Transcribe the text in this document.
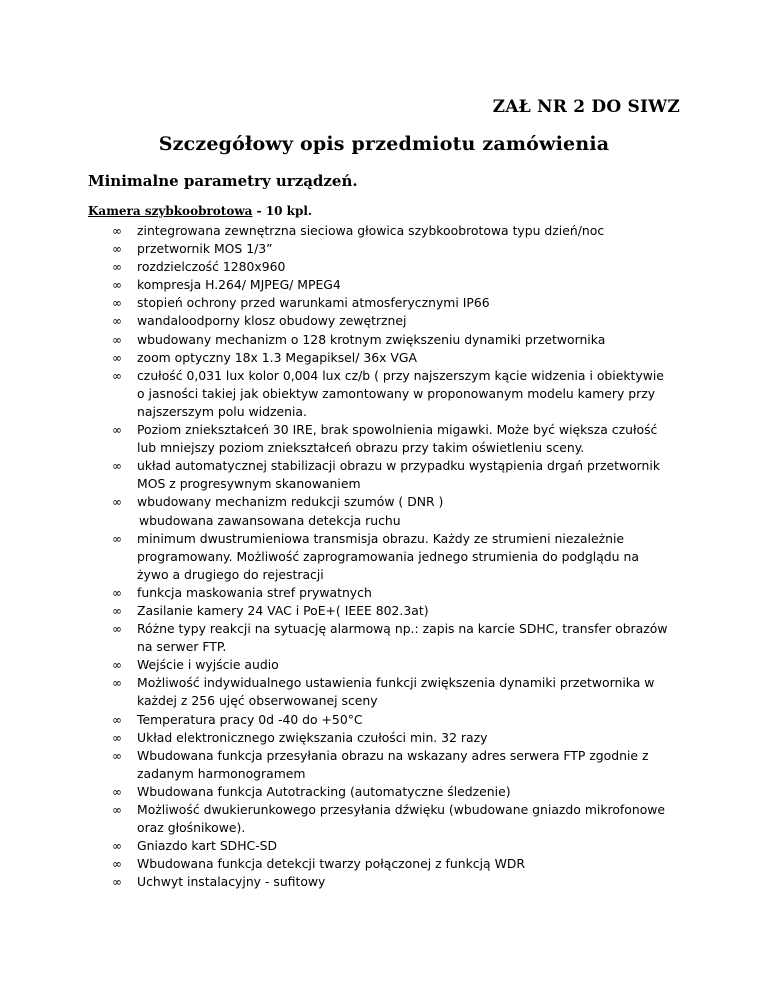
ZAŁ NR 2 DO SIWZ
Szczegółowy opis przedmiotu zamówienia
Minimalne parametry urządzeń.
Kamera szybkoobrotowa - 10 kpl.
∞	zintegrowana zewnętrzna sieciowa głowica szybkoobrotowa typu dzień/noc
∞	przetwornik MOS 1/3”
∞	rozdzielczość 1280x960
∞	kompresja H.264/ MJPEG/ MPEG4
∞	stopień ochrony przed warunkami atmosferycznymi IP66
∞	wandaloodporny klosz obudowy zewętrznej
∞	wbudowany mechanizm o 128 krotnym zwiększeniu dynamiki przetwornika
∞	zoom optyczny 18x 1.3 Megapiksel/ 36x VGA
∞	czułość 0,031 lux kolor 0,004 lux cz/b ( przy najszerszym kącie widzenia i obiektywie o jasności takiej jak obiektyw zamontowany w proponowanym modelu kamery przy najszerszym polu widzenia.
∞	Poziom zniekształceń 30 IRE, brak spowolnienia migawki. Może być większa czułość lub mniejszy poziom zniekształceń obrazu przy takim oświetleniu sceny.
∞	układ automatycznej stabilizacji obrazu w przypadku wystąpienia drgań przetwornik MOS z progresywnym skanowaniem
∞	wbudowany mechanizm redukcji szumów ( DNR )
wbudowana zawansowana detekcja ruchu
∞	minimum dwustrumieniowa transmisja obrazu. Każdy ze strumieni niezależnie programowany. Możliwość zaprogramowania jednego strumienia do podglądu na żywo a drugiego do rejestracji
∞	funkcja maskowania stref prywatnych
∞	Zasilanie kamery 24 VAC i PoE+( IEEE 802.3at)
∞	Różne typy reakcji na sytuację alarmową np.: zapis na karcie SDHC, transfer obrazów na serwer FTP.
∞	Wejście i wyjście audio
∞	Możliwość indywidualnego ustawienia funkcji zwiększenia dynamiki przetwornika w każdej z 256 ujęć obserwowanej sceny
∞	Temperatura pracy 0d -40 do +50°C
∞	Układ elektronicznego zwiększania czułości min. 32 razy
∞	Wbudowana funkcja przesyłania obrazu na wskazany adres serwera FTP zgodnie z zadanym harmonogramem
∞	Wbudowana funkcja Autotracking (automatyczne śledzenie)
∞	Możliwość dwukierunkowego przesyłania dźwięku (wbudowane gniazdo mikrofonowe oraz głośnikowe).
∞	Gniazdo kart SDHC-SD
∞	Wbudowana funkcja detekcji twarzy połączonej z funkcją WDR
∞	Uchwyt instalacyjny - sufitowy
